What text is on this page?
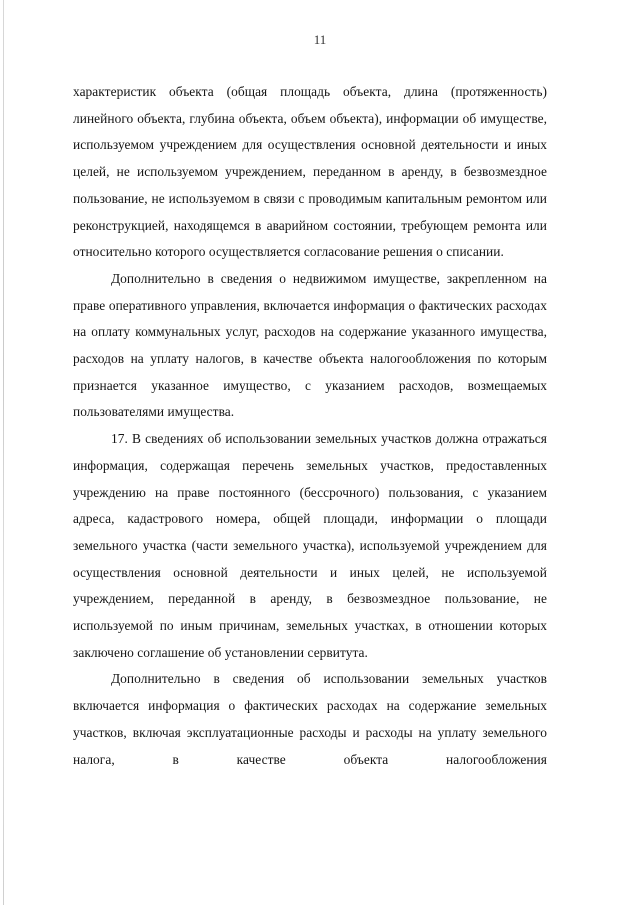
11

характеристик объекта (общая площадь объекта, длина (протяженность) линейного объекта, глубина объекта, объем объекта), информации об имуществе, используемом учреждением для осуществления основной деятельности и иных целей, не используемом учреждением, переданном в аренду, в безвозмездное пользование, не используемом в связи с проводимым капитальным ремонтом или реконструкцией, находящемся в аварийном состоянии, требующем ремонта или относительно которого осуществляется согласование решения о списании.

Дополнительно в сведения о недвижимом имуществе, закрепленном на праве оперативного управления, включается информация о фактических расходах на оплату коммунальных услуг, расходов на содержание указанного имущества, расходов на уплату налогов, в качестве объекта налогообложения по которым признается указанное имущество, с указанием расходов, возмещаемых пользователями имущества.

17. В сведениях об использовании земельных участков должна отражаться информация, содержащая перечень земельных участков, предоставленных учреждению на праве постоянного (бессрочного) пользования, с указанием адреса, кадастрового номера, общей площади, информации о площади земельного участка (части земельного участка), используемой учреждением для осуществления основной деятельности и иных целей, не используемой учреждением, переданной в аренду, в безвозмездное пользование, не используемой по иным причинам, земельных участках, в отношении которых заключено соглашение об установлении сервитута.

Дополнительно в сведения об использовании земельных участков включается информация о фактических расходах на содержание земельных участков, включая эксплуатационные расходы и расходы на уплату земельного налога, в качестве объекта налогообложения
